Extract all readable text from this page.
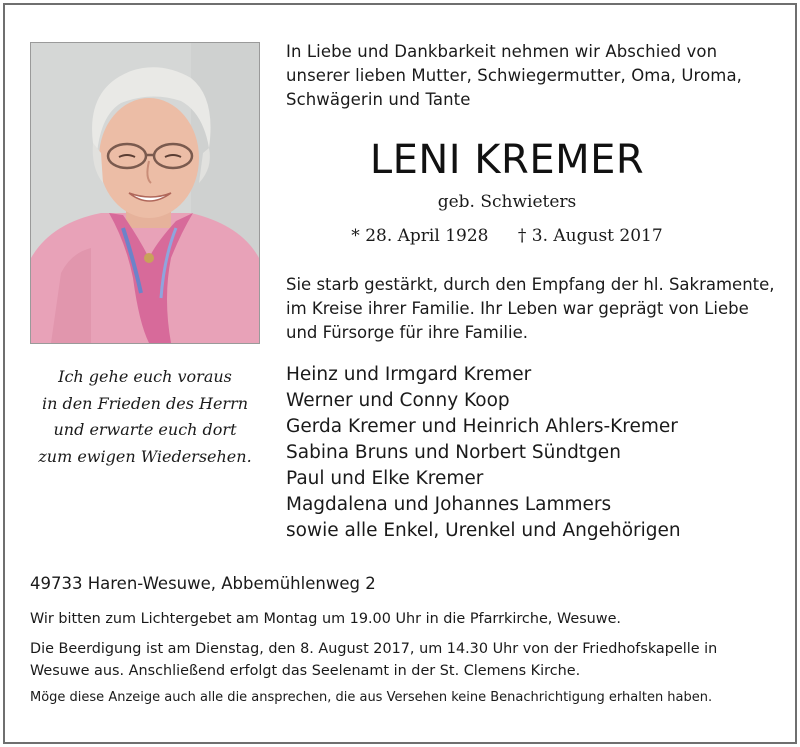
In Liebe und Dankbarkeit nehmen wir Abschied von
unserer lieben Mutter, Schwiegermutter, Oma, Uroma,
Schwägerin und Tante
LENI KREMER
geb. Schwieters
* 28. April 1928 † 3. August 2017
Sie starb gestärkt, durch den Empfang der hl. Sakramente,
im Kreise ihrer Familie. Ihr Leben war geprägt von Liebe
und Fürsorge für ihre Familie.
Ich gehe euch voraus
in den Frieden des Herrn
und erwarte euch dort
zum ewigen Wiedersehen.
Heinz und Irmgard Kremer
Werner und Conny Koop
Gerda Kremer und Heinrich Ahlers-Kremer
Sabina Bruns und Norbert Sündtgen
Paul und Elke Kremer
Magdalena und Johannes Lammers
sowie alle Enkel, Urenkel und Angehörigen
49733 Haren-Wesuwe, Abbemühlenweg 2
Wir bitten zum Lichtergebet am Montag um 19.00 Uhr in die Pfarrkirche, Wesuwe.
Die Beerdigung ist am Dienstag, den 8. August 2017, um 14.30 Uhr von der Friedhofskapelle in
Wesuwe aus. Anschließend erfolgt das Seelenamt in der St. Clemens Kirche.
Möge diese Anzeige auch alle die ansprechen, die aus Versehen keine Benachrichtigung erhalten haben.
